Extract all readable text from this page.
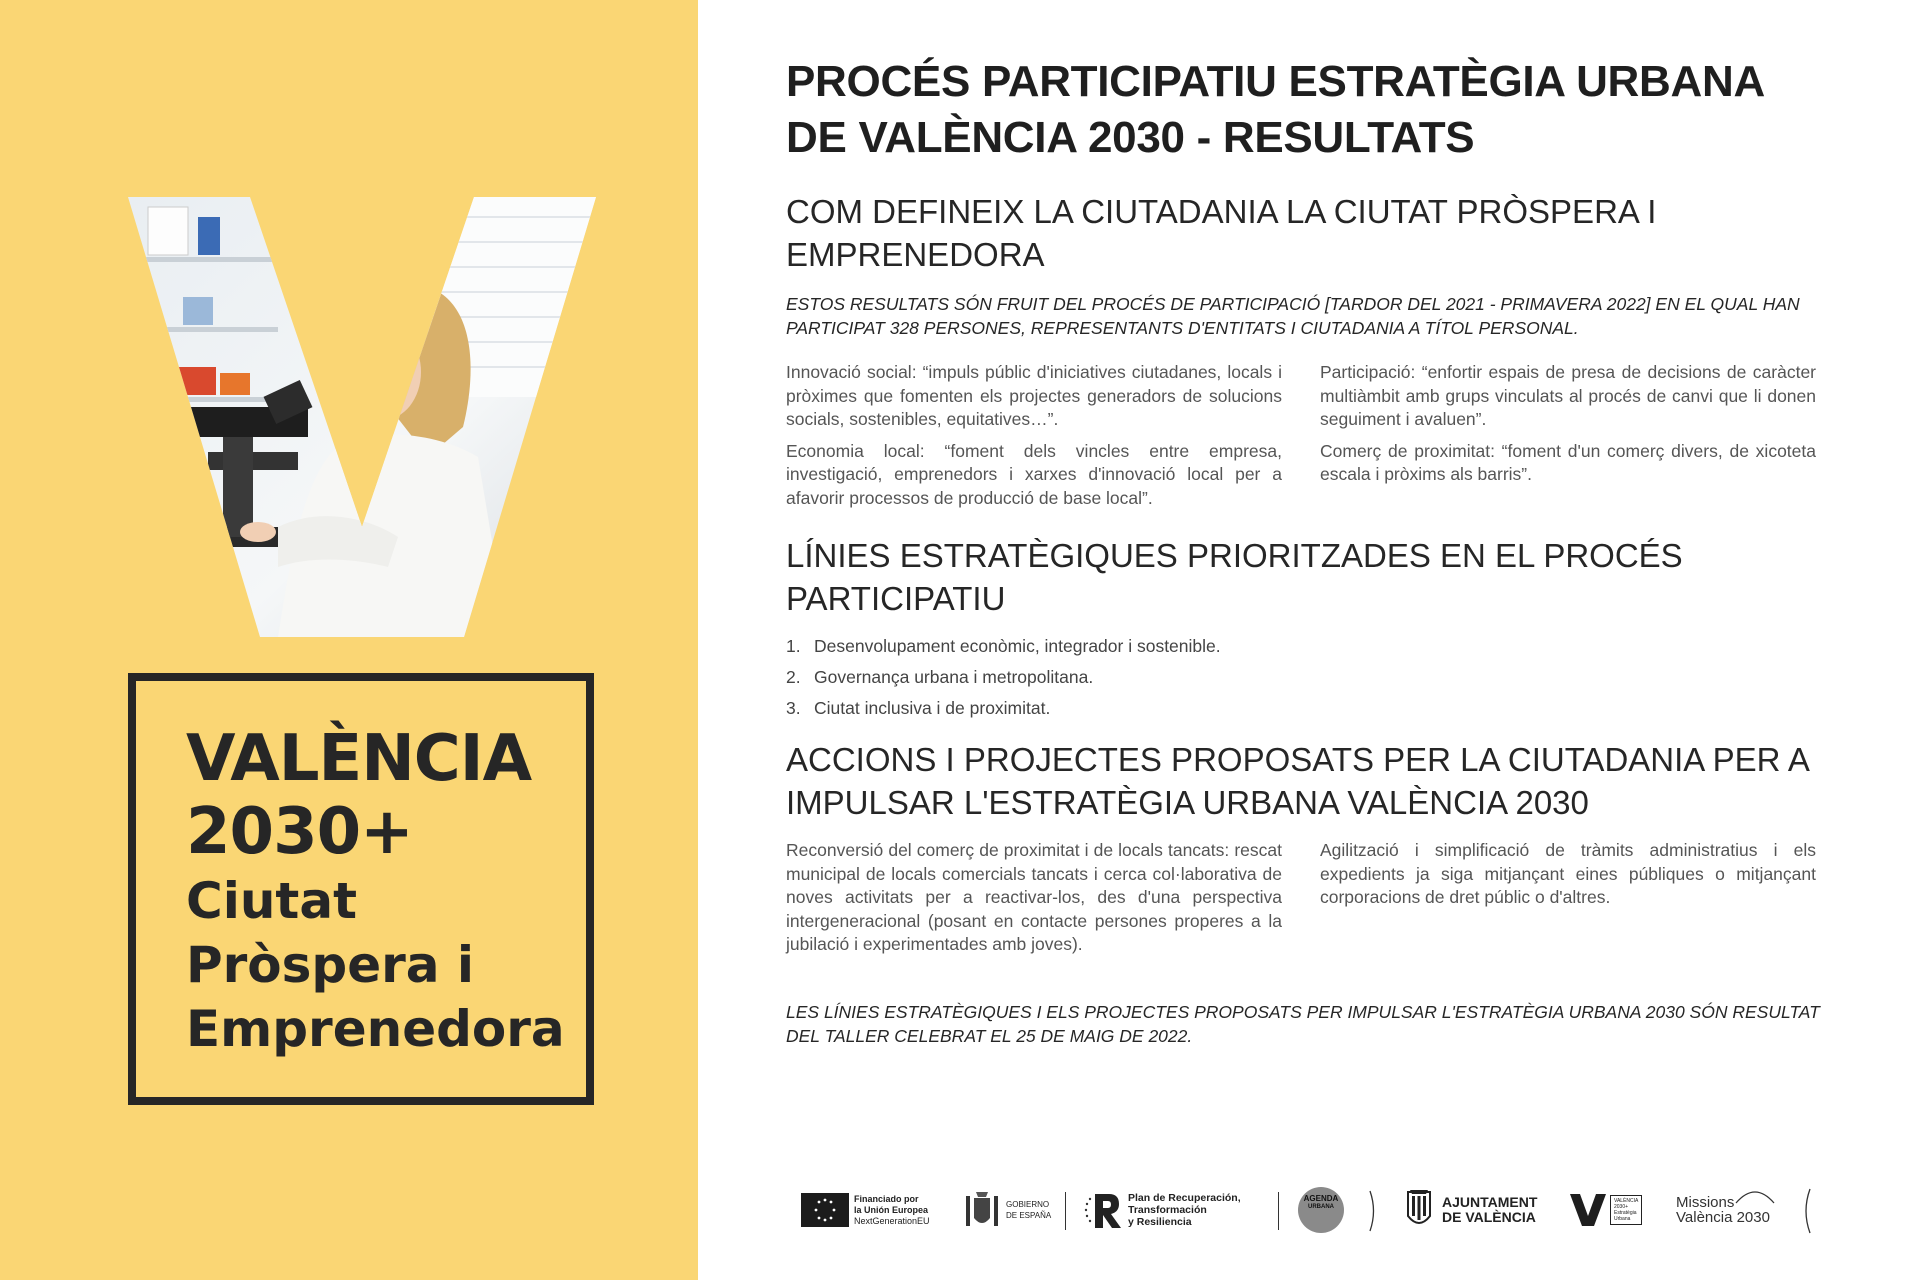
VALÈNCIA
2030+
Ciutat
Pròspera i
Emprenedora
PROCÉS PARTICIPATIU ESTRATÈGIA URBANA
DE VALÈNCIA 2030 - RESULTATS
COM DEFINEIX LA CIUTADANIA LA CIUTAT PRÒSPERA I
EMPRENEDORA
ESTOS RESULTATS SÓN FRUIT DEL PROCÉS DE PARTICIPACIÓ [TARDOR DEL 2021 - PRIMAVERA 2022] EN EL QUAL HAN
PARTICIPAT 328 PERSONES, REPRESENTANTS D'ENTITATS I CIUTADANIA A TÍTOL PERSONAL.

Innovació social: “impuls públic d'iniciatives ciutadanes, locals i pròximes que fomenten els projectes generadors de solucions socials, sostenibles, equitatives…”.

Economia local: “foment dels vincles entre empresa, investigació, emprenedors i xarxes d'innovació local per a afavorir processos de producció de base local”.

Participació: “enfortir espais de presa de decisions de caràcter multiàmbit amb grups vinculats al procés de canvi que li donen seguiment i avaluen”.

Comerç de proximitat: “foment d'un comerç divers, de xicoteta escala i pròxims als barris”.

LÍNIES ESTRATÈGIQUES PRIORITZADES EN EL PROCÉS
PARTICIPATIU
1. Desenvolupament econòmic, integrador i sostenible.
2. Governança urbana i metropolitana.
3. Ciutat inclusiva i de proximitat.
ACCIONS I PROJECTES PROPOSATS PER LA CIUTADANIA PER A
IMPULSAR L'ESTRATÈGIA URBANA VALÈNCIA 2030

Reconversió del comerç de proximitat i de locals tancats: rescat municipal de locals comercials tancats i cerca col·laborativa de noves activitats per a reactivar-los, des d'una perspectiva intergeneracional (posant en contacte persones properes a la jubilació i experimentades amb joves).

Agilització i simplificació de tràmits administratius i els expedients ja siga mitjançant eines públiques o mitjançant corporacions de dret públic o d'altres.

LES LÍNIES ESTRATÈGIQUES I ELS PROJECTES PROPOSATS PER IMPULSAR L'ESTRATÈGIA URBANA 2030 SÓN RESULTAT
DEL TALLER CELEBRAT EL 25 DE MAIG DE 2022.
Financiado por
la Unión Europea
NextGenerationEU
GOBIERNO
DE ESPAÑA
Plan de Recuperación,
Transformación
y Resiliencia
AGENDA
URBANA	AJUNTAMENT
DE VALÈNCIA
VALÈNCIA
2030+
Estratègia
Urbana
Missions
València 2030
